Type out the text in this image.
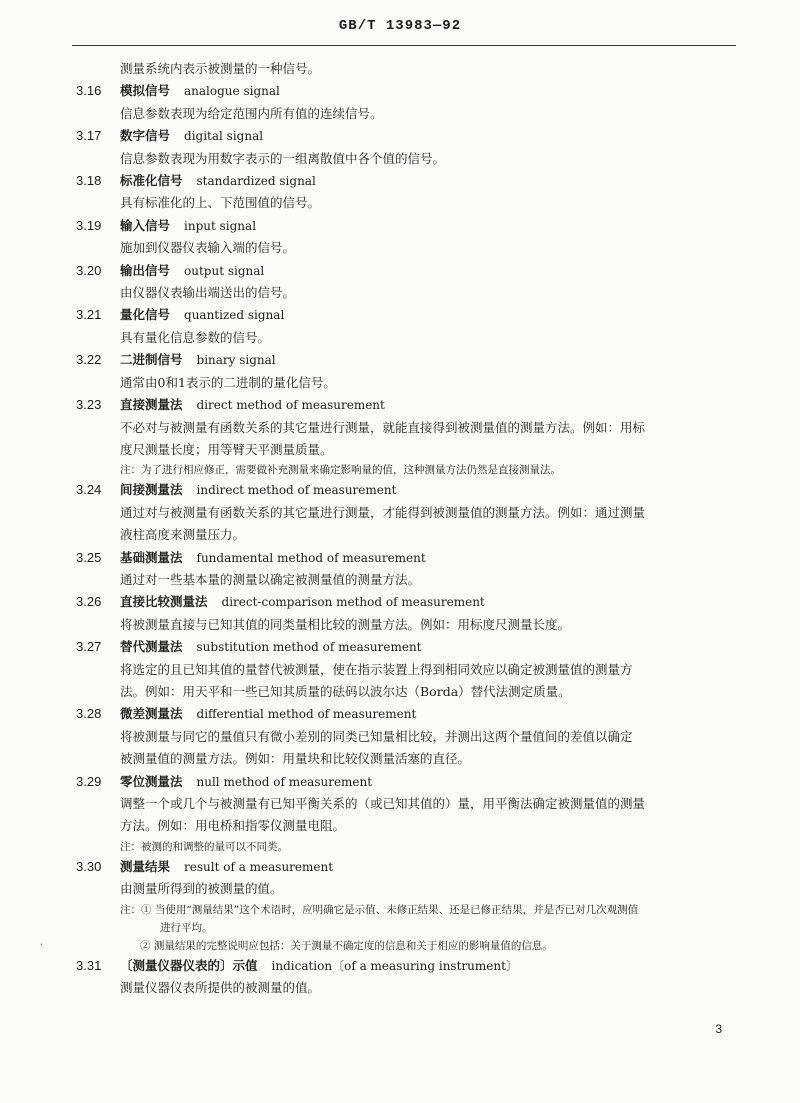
GB/T 13983—92
测量系统内表示被测量的一种信号。
3.16	模拟信号 analogue signal
信息参数表现为给定范围内所有值的连续信号。
3.17	数字信号 digital signal
信息参数表现为用数字表示的一组离散值中各个值的信号。
3.18	标准化信号 standardized signal
具有标准化的上、下范围值的信号。
3.19	输入信号 input signal
施加到仪器仪表输入端的信号。
3.20	输出信号 output signal
由仪器仪表输出端送出的信号。
3.21	量化信号 quantized signal
具有量化信息参数的信号。
3.22	二进制信号 binary signal
通常由0和1表示的二进制的量化信号。
3.23	直接测量法 direct method of measurement
不必对与被测量有函数关系的其它量进行测量，就能直接得到被测量值的测量方法。例如：用标
度尺测量长度；用等臂天平测量质量。
注：为了进行相应修正，需要做补充测量来确定影响量的值，这种测量方法仍然是直接测量法。
3.24	间接测量法 indirect method of measurement
通过对与被测量有函数关系的其它量进行测量，才能得到被测量值的测量方法。例如：通过测量
液柱高度来测量压力。
3.25	基础测量法 fundamental method of measurement
通过对一些基本量的测量以确定被测量值的测量方法。
3.26	直接比较测量法 direct-comparison method of measurement
将被测量直接与已知其值的同类量相比较的测量方法。例如：用标度尺测量长度。
3.27	替代测量法 substitution method of measurement
将选定的且已知其值的量替代被测量，使在指示装置上得到相同效应以确定被测量值的测量方
法。例如：用天平和一些已知其质量的砝码以波尔达（Borda）替代法测定质量。
3.28	微差测量法 differential method of measurement
将被测量与同它的量值只有微小差别的同类已知量相比较，并测出这两个量值间的差值以确定
被测量值的测量方法。例如：用量块和比较仪测量活塞的直径。
3.29	零位测量法 null method of measurement
调整一个或几个与被测量有已知平衡关系的（或已知其值的）量，用平衡法确定被测量值的测量
方法。例如：用电桥和指零仪测量电阻。
注：被测的和调整的量可以不同类。
3.30	测量结果 result of a measurement
由测量所得到的被测量的值。
注：① 当使用“测量结果”这个术语时，应明确它是示值、未修正结果、还是已修正结果，并是否已对几次观测值
进行平均。
② 测量结果的完整说明应包括：关于测量不确定度的信息和关于相应的影响量值的信息。
3.31	〔测量仪器仪表的〕示值 indication〔of a measuring instrument〕
测量仪器仪表所提供的被测量的值。
·
3
